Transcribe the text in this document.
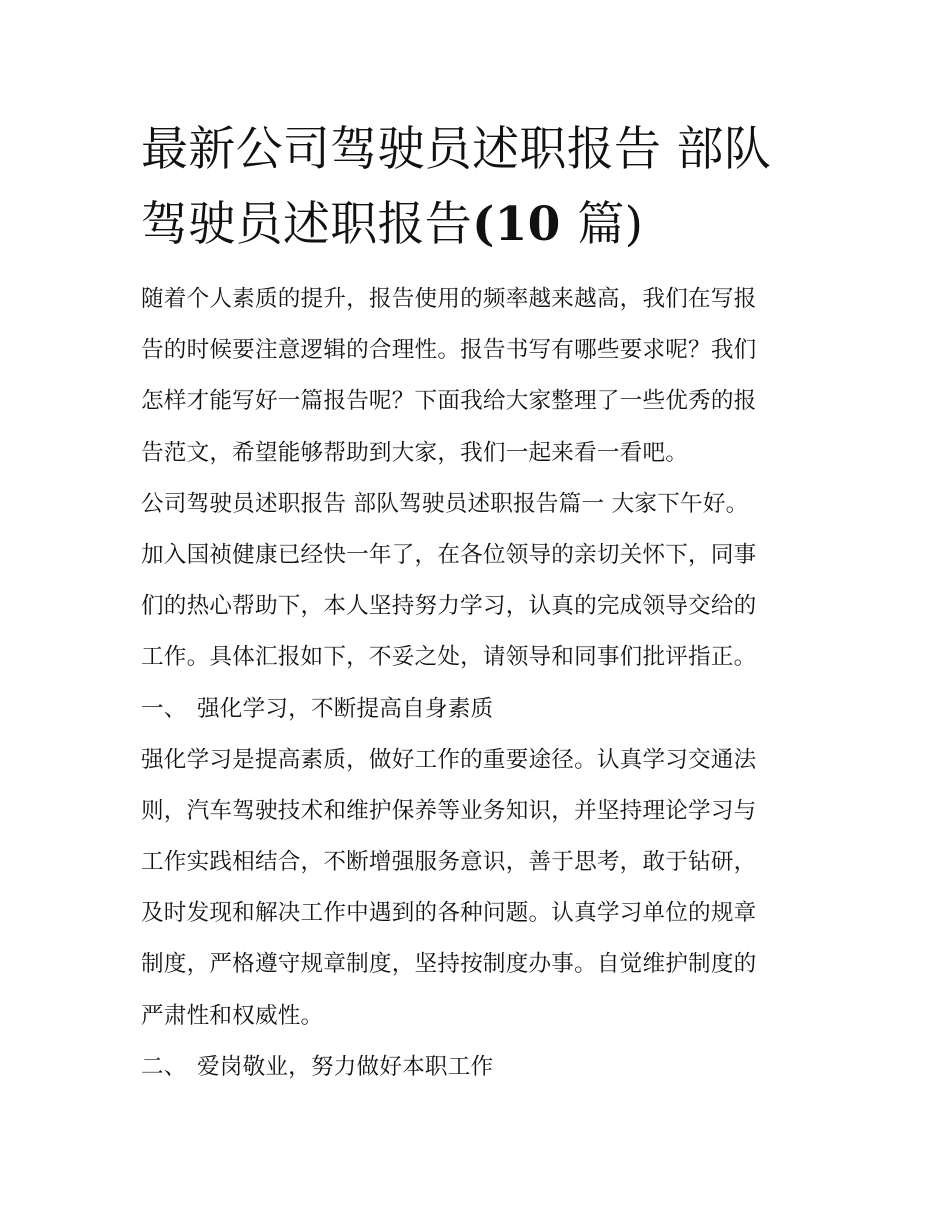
最新公司驾驶员述职报告 部队
驾驶员述职报告(10 篇)
随着个人素质的提升，报告使用的频率越来越高，我们在写报
告的时候要注意逻辑的合理性。报告书写有哪些要求呢？我们
怎样才能写好一篇报告呢？下面我给大家整理了一些优秀的报
告范文，希望能够帮助到大家，我们一起来看一看吧。
公司驾驶员述职报告 部队驾驶员述职报告篇一 大家下午好。
加入国祯健康已经快一年了，在各位领导的亲切关怀下，同事
们的热心帮助下，本人坚持努力学习，认真的完成领导交给的
工作。具体汇报如下，不妥之处，请领导和同事们批评指正。
一、 强化学习，不断提高自身素质
强化学习是提高素质，做好工作的重要途径。认真学习交通法
则，汽车驾驶技术和维护保养等业务知识，并坚持理论学习与
工作实践相结合，不断增强服务意识，善于思考，敢于钻研，
及时发现和解决工作中遇到的各种问题。认真学习单位的规章
制度，严格遵守规章制度，坚持按制度办事。自觉维护制度的
严肃性和权威性。
二、 爱岗敬业，努力做好本职工作
